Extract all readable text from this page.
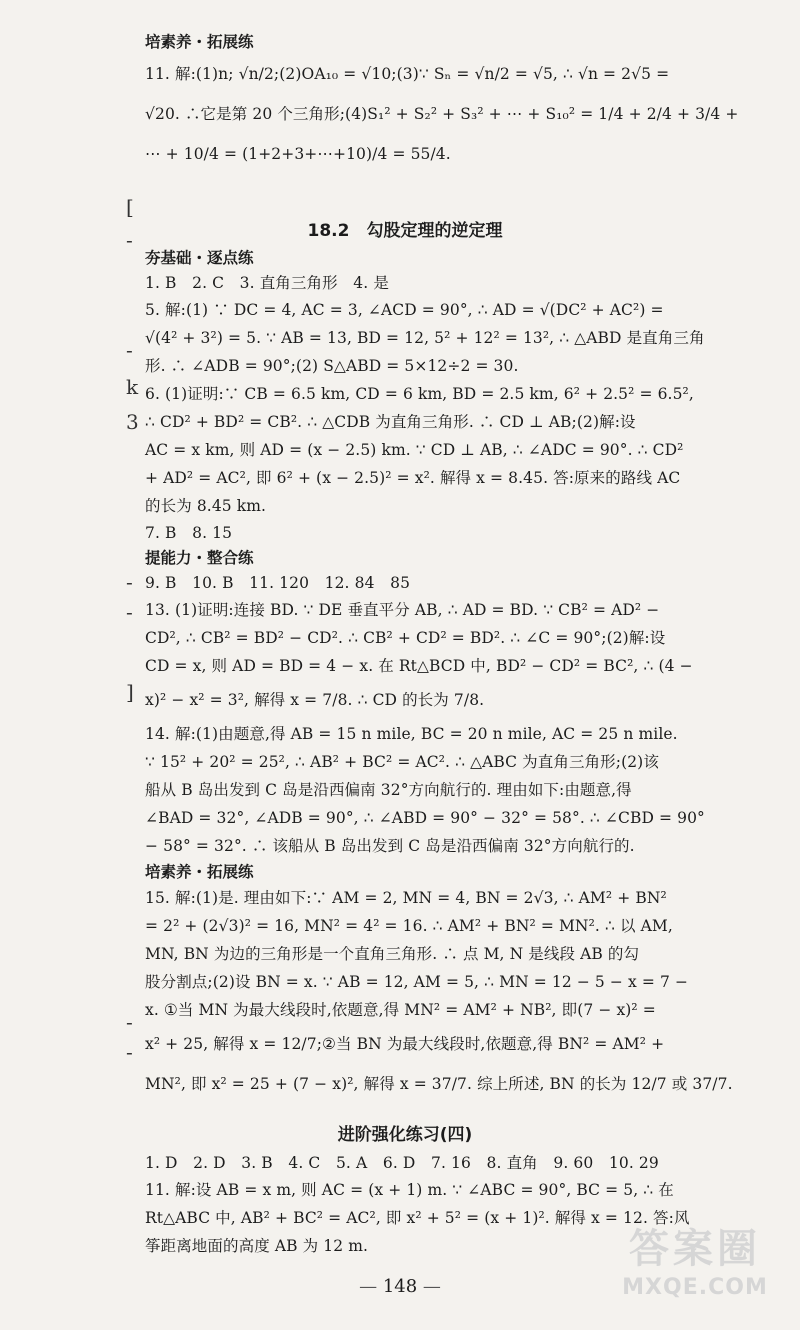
[
-
-
k
3
-
-
]
-
-

培素养・拓展练

11. 解:(1)n; √n/2;(2)OA₁₀ = √10;(3)∵ Sₙ = √n/2 = √5, ∴ √n = 2√5 =

√20. ∴它是第 20 个三角形;(4)S₁² + S₂² + S₃² + ⋯ + S₁₀² = 1/4 + 2/4 + 3/4 +

⋯ + 10/4 = (1+2+3+⋯+10)/4 = 55/4.

18.2　勾股定理的逆定理

夯基础・逐点练

1. B　2. C　3. 直角三角形　4. 是

5. 解:(1) ∵ DC = 4, AC = 3, ∠ACD = 90°, ∴ AD = √(DC² + AC²) =

√(4² + 3²) = 5. ∵ AB = 13, BD = 12, 5² + 12² = 13², ∴ △ABD 是直角三角

形. ∴ ∠ADB = 90°;(2) S△ABD = 5×12÷2 = 30.

6. (1)证明:∵ CB = 6.5 km, CD = 6 km, BD = 2.5 km, 6² + 2.5² = 6.5²,

∴ CD² + BD² = CB². ∴ △CDB 为直角三角形. ∴ CD ⊥ AB;(2)解:设

AC = x km, 则 AD = (x − 2.5) km. ∵ CD ⊥ AB, ∴ ∠ADC = 90°. ∴ CD²

+ AD² = AC², 即 6² + (x − 2.5)² = x². 解得 x = 8.45. 答:原来的路线 AC

的长为 8.45 km.

7. B　8. 15

提能力・整合练

9. B　10. B　11. 120　12. 84　85

13. (1)证明:连接 BD. ∵ DE 垂直平分 AB, ∴ AD = BD. ∵ CB² = AD² −

CD², ∴ CB² = BD² − CD². ∴ CB² + CD² = BD². ∴ ∠C = 90°;(2)解:设

CD = x, 则 AD = BD = 4 − x. 在 Rt△BCD 中, BD² − CD² = BC², ∴ (4 −

x)² − x² = 3², 解得 x = 7/8. ∴ CD 的长为 7/8.

14. 解:(1)由题意,得 AB = 15 n mile, BC = 20 n mile, AC = 25 n mile.

∵ 15² + 20² = 25², ∴ AB² + BC² = AC². ∴ △ABC 为直角三角形;(2)该

船从 B 岛出发到 C 岛是沿西偏南 32°方向航行的. 理由如下:由题意,得

∠BAD = 32°, ∠ADB = 90°, ∴ ∠ABD = 90° − 32° = 58°. ∴ ∠CBD = 90°

− 58° = 32°. ∴ 该船从 B 岛出发到 C 岛是沿西偏南 32°方向航行的.

培素养・拓展练

15. 解:(1)是. 理由如下:∵ AM = 2, MN = 4, BN = 2√3, ∴ AM² + BN²

= 2² + (2√3)² = 16, MN² = 4² = 16. ∴ AM² + BN² = MN². ∴ 以 AM,

MN, BN 为边的三角形是一个直角三角形. ∴ 点 M, N 是线段 AB 的勾

股分割点;(2)设 BN = x. ∵ AB = 12, AM = 5, ∴ MN = 12 − 5 − x = 7 −

x. ①当 MN 为最大线段时,依题意,得 MN² = AM² + NB², 即(7 − x)² =

x² + 25, 解得 x = 12/7;②当 BN 为最大线段时,依题意,得 BN² = AM² +

MN², 即 x² = 25 + (7 − x)², 解得 x = 37/7. 综上所述, BN 的长为 12/7 或 37/7.

进阶强化练习(四)

1. D　2. D　3. B　4. C　5. A　6. D　7. 16　8. 直角　9. 60　10. 29

11. 解:设 AB = x m, 则 AC = (x + 1) m. ∵ ∠ABC = 90°, BC = 5, ∴ 在

Rt△ABC 中, AB² + BC² = AC², 即 x² + 5² = (x + 1)². 解得 x = 12. 答:风

筝距离地面的高度 AB 为 12 m.

— 148 —
答案圈
MXQE.COM
